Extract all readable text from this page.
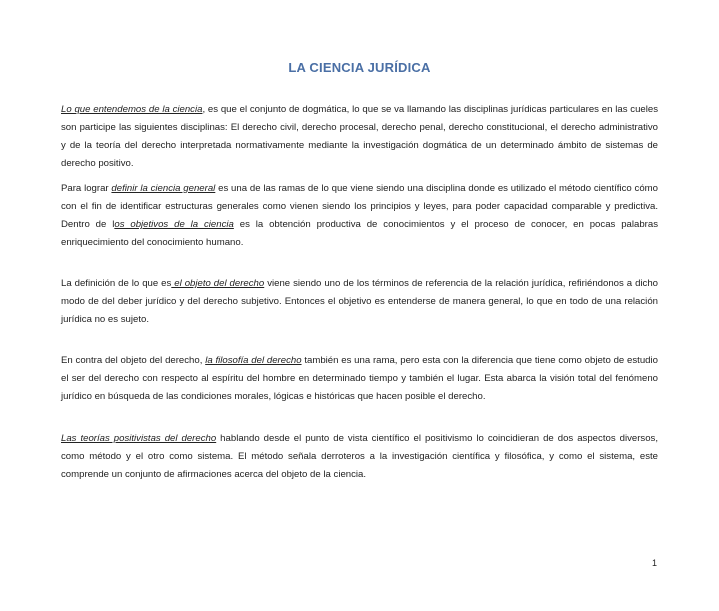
LA CIENCIA JURÍDICA

Lo que entendemos de la ciencia, es que el conjunto de dogmática, lo que se va llamando las disciplinas jurídicas particulares en las cueles son participe las siguientes disciplinas: El derecho civil, derecho procesal, derecho penal, derecho constitucional, el derecho administrativo y de la teoría del derecho interpretada normativamente mediante la investigación dogmática de un determinado ámbito de sistemas de derecho positivo.

Para lograr definir la ciencia general es una de las ramas de lo que viene siendo una disciplina donde es utilizado el método científico cómo con el fin de identificar estructuras generales como vienen siendo los principios y leyes, para poder capacidad comparable y predictiva. Dentro de los objetivos de la ciencia es la obtención productiva de conocimientos y el proceso de conocer, en pocas palabras enriquecimiento del conocimiento humano.

La definición de lo que es el objeto del derecho viene siendo uno de los términos de referencia de la relación jurídica, refiriéndonos a dicho modo de del deber jurídico y del derecho subjetivo. Entonces el objetivo es entenderse de manera general, lo que en todo de una relación jurídica no es sujeto.

En contra del objeto del derecho, la filosofía del derecho también es una rama, pero esta con la diferencia que tiene como objeto de estudio el ser del derecho con respecto al espíritu del hombre en determinado tiempo y también el lugar. Esta abarca la visión total del fenómeno jurídico en búsqueda de las condiciones morales, lógicas e históricas que hacen posible el derecho.

Las teorías positivistas del derecho hablando desde el punto de vista científico el positivismo lo coincidieran de dos aspectos diversos, como método y el otro como sistema. El método señala derroteros a la investigación científica y filosófica, y como el sistema, este comprende un conjunto de afirmaciones acerca del objeto de la ciencia.

1
